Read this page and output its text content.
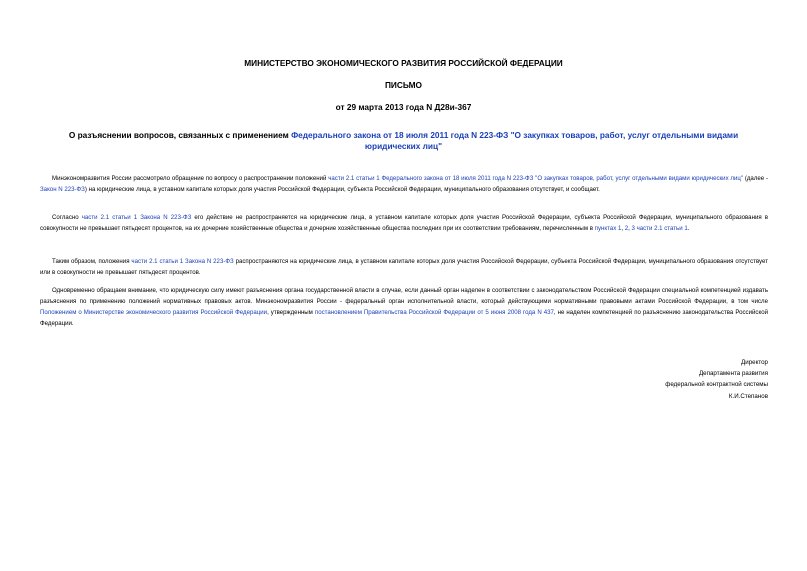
МИНИСТЕРСТВО ЭКОНОМИЧЕСКОГО РАЗВИТИЯ РОССИЙСКОЙ ФЕДЕРАЦИИ
ПИСЬМО
от 29 марта 2013 года N Д28и-367
О разъяснении вопросов, связанных с применением Федерального закона от 18 июля 2011 года N 223-ФЗ "О закупках товаров, работ, услуг отдельными видами юридических лиц"
Минэкономразвития России рассмотрело обращение по вопросу о распространении положений части 2.1 статьи 1 Федерального закона от 18 июля 2011 года N 223-ФЗ "О закупках товаров, работ, услуг отдельными видами юридических лиц" (далее - Закон N 223-ФЗ) на юридические лица, в уставном капитале которых доля участия Российской Федерации, субъекта Российской Федерации, муниципального образования отсутствует, и сообщает.
Согласно части 2.1 статьи 1 Закона N 223-ФЗ его действие не распространяется на юридические лица, в уставном капитале которых доля участия Российской Федерации, субъекта Российской Федерации, муниципального образования в совокупности не превышает пятьдесят процентов, на их дочерние хозяйственные общества и дочерние хозяйственные общества последних при их соответствии требованиям, перечисленным в пунктах 1, 2, 3 части 2.1 статьи 1.
Таким образом, положения части 2.1 статьи 1 Закона N 223-ФЗ распространяются на юридические лица, в уставном капитале которых доля участия Российской Федерации, субъекта Российской Федерации, муниципального образования отсутствует или в совокупности не превышает пятьдесят процентов.
Одновременно обращаем внимание, что юридическую силу имеют разъяснения органа государственной власти в случае, если данный орган наделен в соответствии с законодательством Российской Федерации специальной компетенцией издавать разъяснения по применению положений нормативных правовых актов. Минэкономразвития России - федеральный орган исполнительной власти, который действующими нормативными правовыми актами Российской Федерации, в том числе Положением о Министерстве экономического развития Российской Федерации, утвержденным постановлением Правительства Российской Федерации от 5 июня 2008 года N 437, не наделен компетенцией по разъяснению законодательства Российской Федерации.
Директор
Департамента развития
федеральной контрактной системы
К.И.Степанов
